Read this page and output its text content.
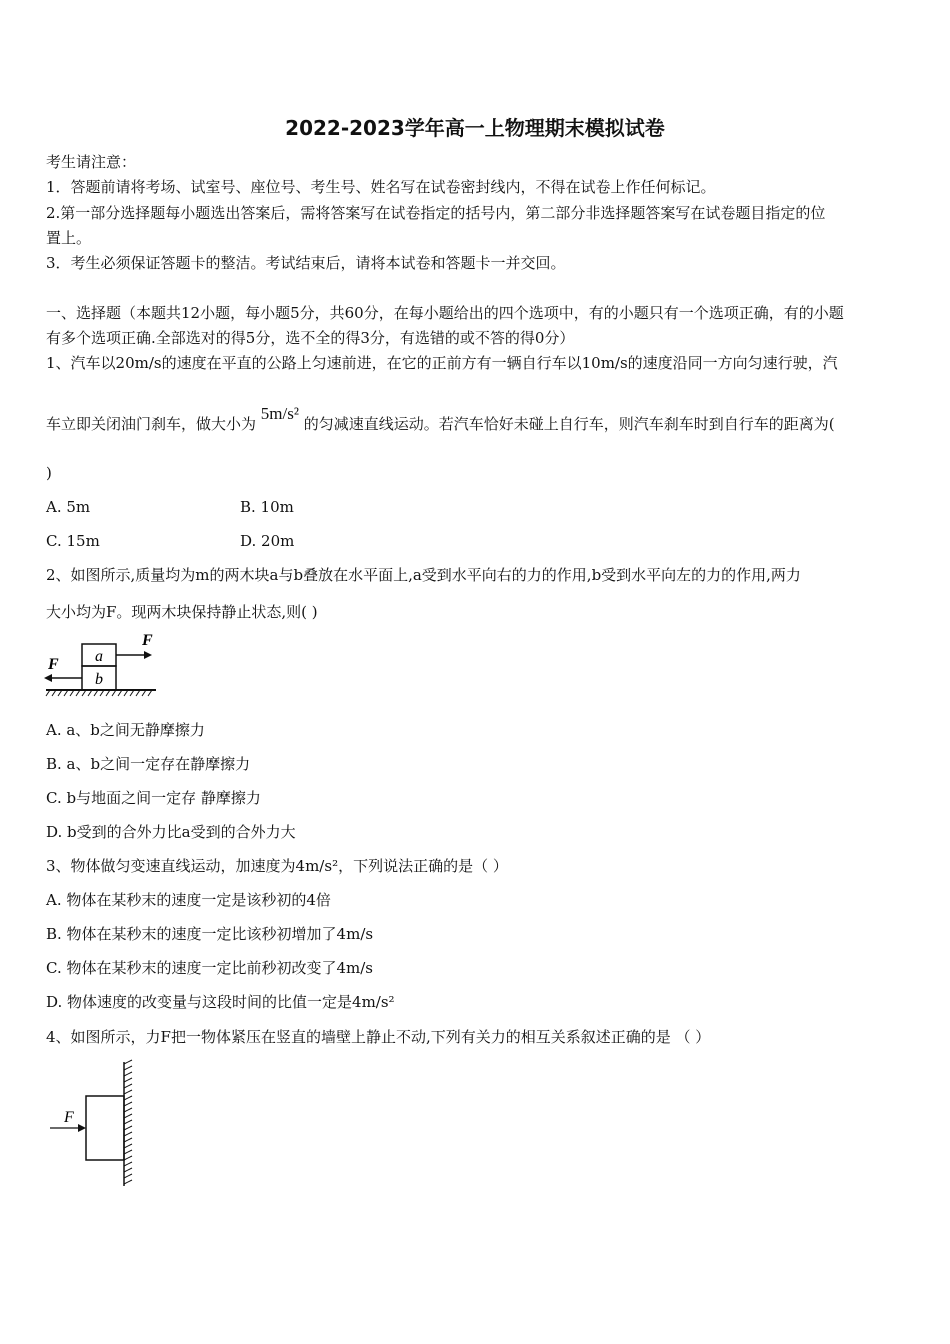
2022-2023学年高一上物理期末模拟试卷
考生请注意：
1．答题前请将考场、试室号、座位号、考生号、姓名写在试卷密封线内，不得在试卷上作任何标记。
2.第一部分选择题每小题选出答案后，需将答案写在试卷指定的括号内，第二部分非选择题答案写在试卷题目指定的位
置上。
3．考生必须保证答题卡的整洁。考试结束后，请将本试卷和答题卡一并交回。
一、选择题（本题共12小题，每小题5分，共60分，在每小题给出的四个选项中，有的小题只有一个选项正确，有的小题
有多个选项正确.全部选对的得5分，选不全的得3分，有选错的或不答的得0分）
1、汽车以20m/s的速度在平直的公路上匀速前进，在它的正前方有一辆自行车以10m/s的速度沿同一方向匀速行驶，汽
车立即关闭油门刹车，做大小为 5m/s² 的匀减速直线运动。若汽车恰好未碰上自行车，则汽车刹车时到自行车的距离为(
)
A. 5m	B. 10m
C. 15m	D. 20m
2、如图所示,质量均为m的两木块a与b叠放在水平面上,a受到水平向右的力的作用,b受到水平向左的力的作用,两力
大小均为F。现两木块保持静止状态,则( )
a
b
F
F
A. a、b之间无静摩擦力
B. a、b之间一定存在静摩擦力
C. b与地面之间一定存 静摩擦力
D. b受到的合外力比a受到的合外力大
3、物体做匀变速直线运动，加速度为4m/s²，下列说法正确的是（ ）
A. 物体在某秒末的速度一定是该秒初的4倍
B. 物体在某秒末的速度一定比该秒初增加了4m/s
C. 物体在某秒末的速度一定比前秒初改变了4m/s
D. 物体速度的改变量与这段时间的比值一定是4m/s²
4、如图所示，力F把一物体紧压在竖直的墙壁上静止不动,下列有关力的相互关系叙述正确的是 （ ）
F
